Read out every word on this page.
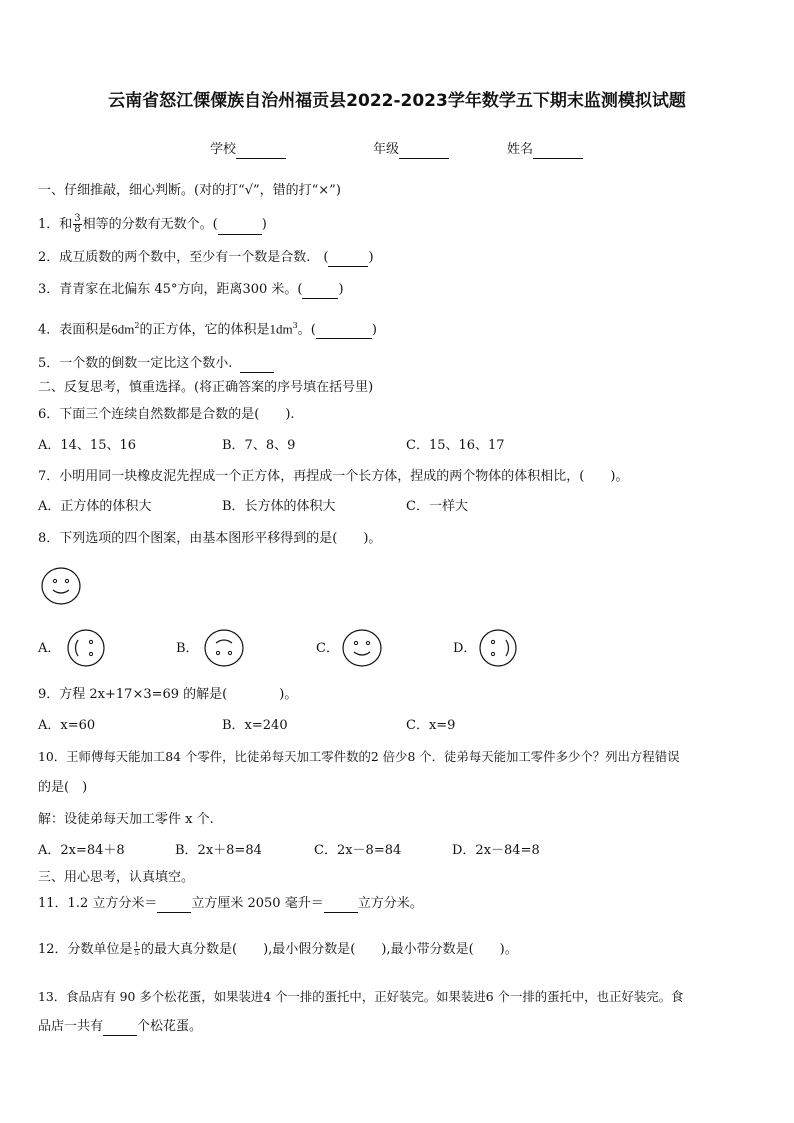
云南省怒江傈僳族自治州福贡县2022-2023学年数学五下期末监测模拟试题
学校	年级	姓名
一、仔细推敲，细心判断。(对的打“√”，错的打“×”)
1．和 $\frac{3}{8}$ 相等的分数有无数个。(	)
2．成互质数的两个数中，至少有一个数是合数.　(	)
3．青青家在北偏东 45°方向，距离300 米。(	)
4．表面积是$6dm^2$的正方体，它的体积是$1dm^3$。(	)
5．一个数的倒数一定比这个数小.
二、反复思考，慎重选择。(将正确答案的序号填在括号里)
6．下面三个连续自然数都是合数的是(　　).
A．14、15、16	B．7、8、9	C．15、16、17
7．小明用同一块橡皮泥先捏成一个正方体，再捏成一个长方体，捏成的两个物体的体积相比，(　　)。
A．正方体的体积大	B．长方体的体积大	C．一样大
8．下列选项的四个图案，由基本图形平移得到的是(　　)。
A．	B．	C．	D．
9．方程 2x+17×3=69 的解是(　　　　)。
A．x=60	B．x=240	C．x=9
10．王师傅每天能加工84 个零件，比徒弟每天加工零件数的2 倍少8 个．徒弟每天能加工零件多少个？列出方程错误
的是(　)
解：设徒弟每天加工零件 x 个.
A．2x=84＋8	B．2x＋8=84	C．2x－8=84	D．2x－84=8
三、用心思考，认真填空。
11．1.2 立方分米＝	立方厘米 2050 毫升＝	立方分米。
12．分数单位是 $\frac{1}{5}$ 的最大真分数是(　　),最小假分数是(　　),最小带分数是(　　)。
13．食品店有 90 多个松花蛋，如果装进4 个一排的蛋托中，正好装完。如果装进6 个一排的蛋托中，也正好装完。食
品店一共有	个松花蛋。
